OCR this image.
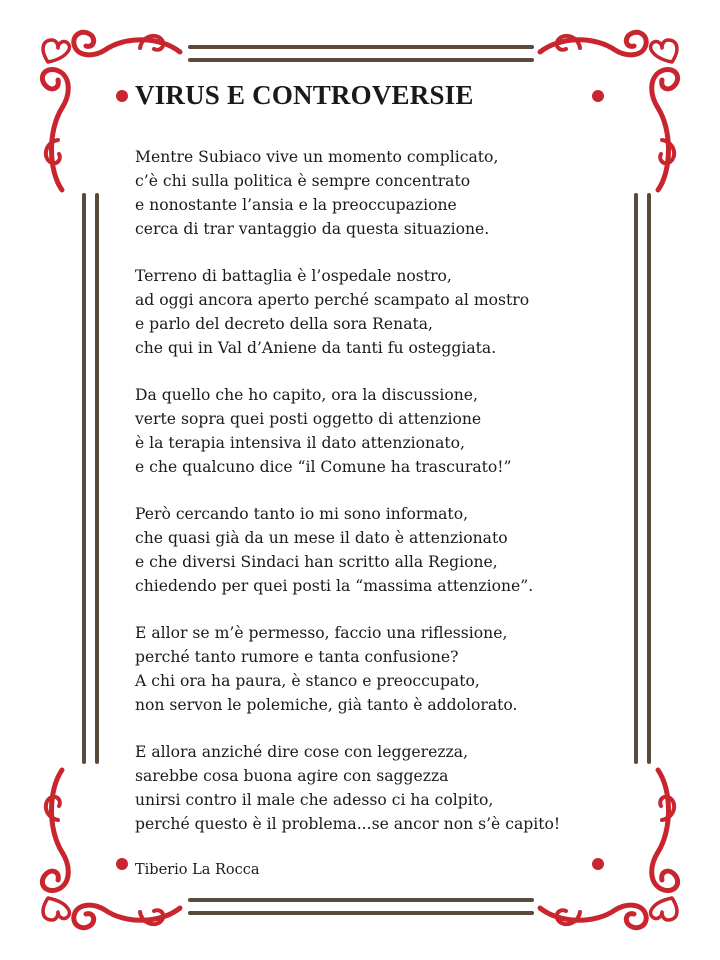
VIRUS E CONTROVERSIE
Mentre Subiaco vive un momento complicato,
c’è chi sulla politica è sempre concentrato
e nonostante l’ansia e la preoccupazione
cerca di trar vantaggio da questa situazione.
Terreno di battaglia è l’ospedale nostro,
ad oggi ancora aperto perché scampato al mostro
e parlo del decreto della sora Renata,
che qui in Val d’Aniene da tanti fu osteggiata.
Da quello che ho capito, ora la discussione,
verte sopra quei posti oggetto di attenzione
è la terapia intensiva il dato attenzionato,
e che qualcuno dice “il Comune ha trascurato!”
Però cercando tanto io mi sono informato,
che quasi già da un mese il dato è attenzionato
e che diversi Sindaci han scritto alla Regione,
chiedendo per quei posti la “massima attenzione”.
E allor se m’è permesso, faccio una riflessione,
perché tanto rumore e tanta confusione?
A chi ora ha paura, è stanco e preoccupato,
non servon le polemiche, già tanto è addolorato.
E allora anziché dire cose con leggerezza,
sarebbe cosa buona agire con saggezza
unirsi contro il male che adesso ci ha colpito,
perché questo è il problema...se ancor non s’è capito!
Tiberio La Rocca
